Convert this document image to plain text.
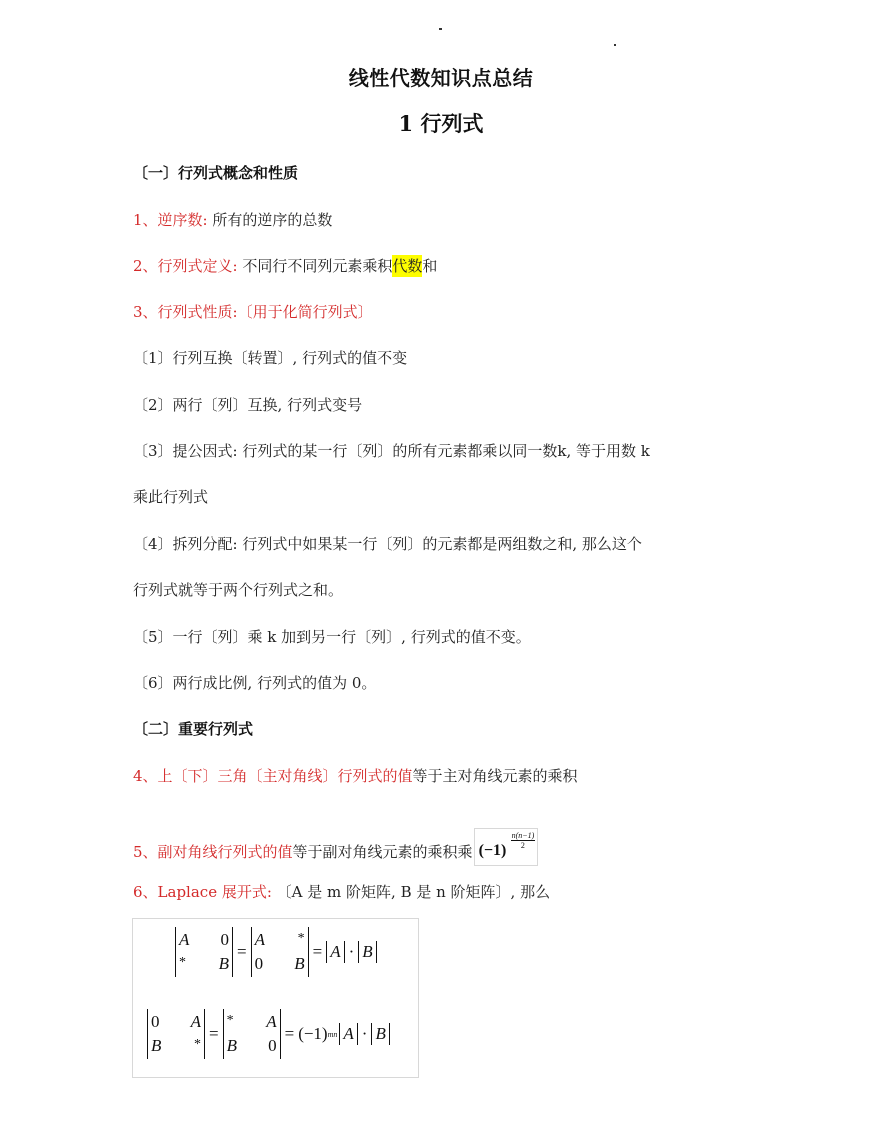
线性代数知识点总结
1 行列式
〔一〕行列式概念和性质
1、逆序数: 所有的逆序的总数
2、行列式定义: 不同行不同列元素乘积代数和
3、行列式性质:〔用于化简行列式〕
〔1〕行列互换〔转置〕, 行列式的值不变
〔2〕两行〔列〕互换, 行列式变号
〔3〕提公因式: 行列式的某一行〔列〕的所有元素都乘以同一数k, 等于用数 k
乘此行列式
〔4〕拆列分配: 行列式中如果某一行〔列〕的元素都是两组数之和, 那么这个
行列式就等于两个行列式之和。
〔5〕一行〔列〕乘 k 加到另一行〔列〕, 行列式的值不变。
〔6〕两行成比例, 行列式的值为 0。
〔二〕重要行列式
4、上〔下〕三角〔主对角线〕行列式的值等于主对角线元素的乘积
5、副对角线行列式的值等于副对角线元素的乘积乘 (−1)
$\frac{n(n-1)}{2}$
6、Laplace 展开式: 〔A 是 m 阶矩阵, B 是 n 阶矩阵〕, 那么
A	0
*	B
=
A	*
0	B
= A · B
0	A
B	*
=
*	A
B	0
= (−1) mn A · B
